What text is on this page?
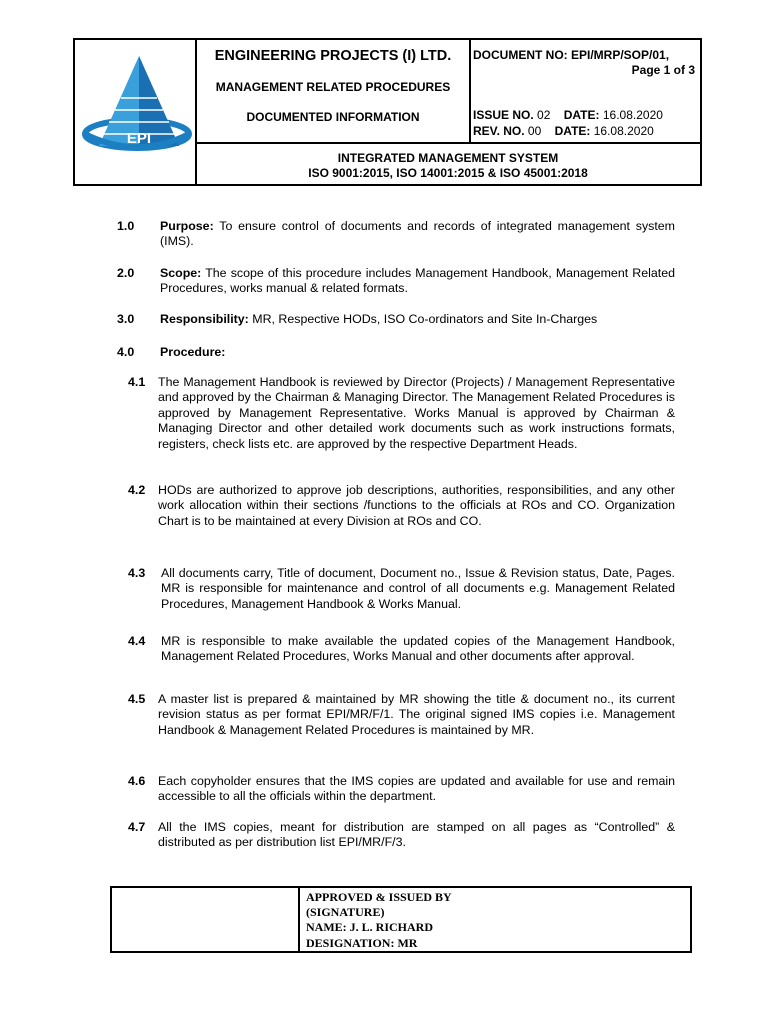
EPI
ENGINEERING PROJECTS (I) LTD.
MANAGEMENT RELATED PROCEDURES
DOCUMENTED INFORMATION
DOCUMENT NO: EPI/MRP/SOP/01,
Page 1 of 3
ISSUE NO. 02 DATE: 16.08.2020
REV. NO. 00 DATE: 16.08.2020
INTEGRATED MANAGEMENT SYSTEM
ISO 9001:2015, ISO 14001:2015 & ISO 45001:2018
1.0 Purpose: To ensure control of documents and records of integrated management system (IMS).
2.0 Scope: The scope of this procedure includes Management Handbook, Management Related Procedures, works manual & related formats.
3.0 Responsibility: MR, Respective HODs, ISO Co-ordinators and Site In-Charges
4.0 Procedure:
4.1 The Management Handbook is reviewed by Director (Projects) / Management Representative and approved by the Chairman & Managing Director. The Management Related Procedures is approved by Management Representative. Works Manual is approved by Chairman & Managing Director and other detailed work documents such as work instructions formats, registers, check lists etc. are approved by the respective Department Heads.
4.2 HODs are authorized to approve job descriptions, authorities, responsibilities, and any other work allocation within their sections /functions to the officials at ROs and CO. Organization Chart is to be maintained at every Division at ROs and CO.
4.3 All documents carry, Title of document, Document no., Issue & Revision status, Date, Pages. MR is responsible for maintenance and control of all documents e.g. Management Related Procedures, Management Handbook & Works Manual.
4.4 MR is responsible to make available the updated copies of the Management Handbook, Management Related Procedures, Works Manual and other documents after approval.
4.5 A master list is prepared & maintained by MR showing the title & document no., its current revision status as per format EPI/MR/F/1. The original signed IMS copies i.e. Management Handbook & Management Related Procedures is maintained by MR.
4.6 Each copyholder ensures that the IMS copies are updated and available for use and remain accessible to all the officials within the department.
4.7 All the IMS copies, meant for distribution are stamped on all pages as “Controlled” & distributed as per distribution list EPI/MR/F/3.
APPROVED & ISSUED BY
(SIGNATURE)
NAME: J. L. RICHARD
DESIGNATION: MR
